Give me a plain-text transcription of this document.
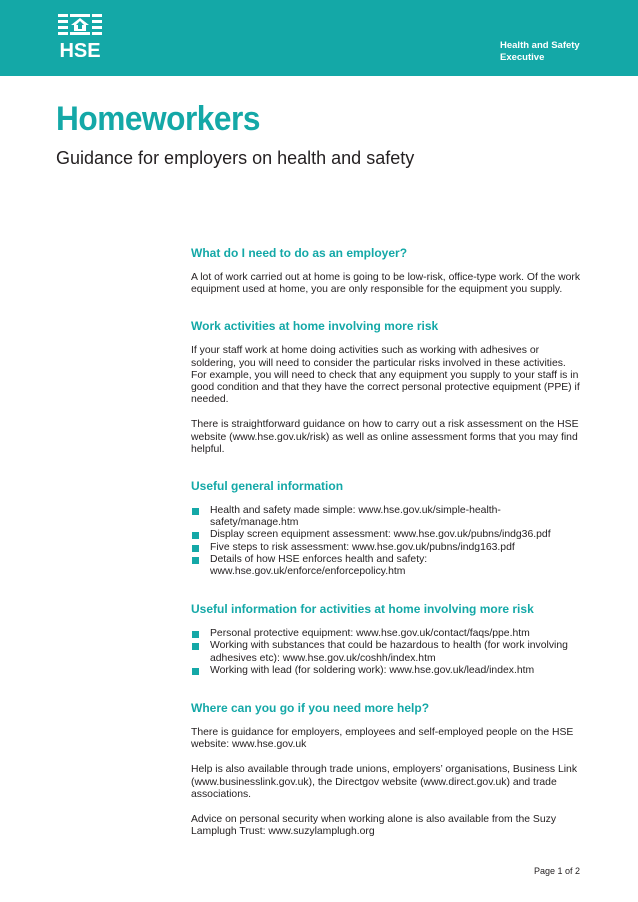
HSE	Health and Safety
Executive
Homeworkers
Guidance for employers on health and safety
What do I need to do as an employer?

A lot of work carried out at home is going to be low-risk, office-type work. Of the work equipment used at home, you are only responsible for the equipment you supply.

Work activities at home involving more risk

If your staff work at home doing activities such as working with adhesives or soldering, you will need to consider the particular risks involved in these activities. For example, you will need to check that any equipment you supply to your staff is in good condition and that they have the correct personal protective equipment (PPE) if needed.

There is straightforward guidance on how to carry out a risk assessment on the HSE website (www.hse.gov.uk/risk) as well as online assessment forms that you may find helpful.

Useful general information
Health and safety made simple: www.hse.gov.uk/simple-health-safety/manage.htm
Display screen equipment assessment: www.hse.gov.uk/pubns/indg36.pdf
Five steps to risk assessment: www.hse.gov.uk/pubns/indg163.pdf
Details of how HSE enforces health and safety: www.hse.gov.uk/enforce/enforcepolicy.htm
Useful information for activities at home involving more risk
Personal protective equipment: www.hse.gov.uk/contact/faqs/ppe.htm
Working with substances that could be hazardous to health (for work involving adhesives etc): www.hse.gov.uk/coshh/index.htm
Working with lead (for soldering work): www.hse.gov.uk/lead/index.htm
Where can you go if you need more help?

There is guidance for employers, employees and self-employed people on the HSE website: www.hse.gov.uk

Help is also available through trade unions, employers’ organisations, Business Link (www.businesslink.gov.uk), the Directgov website (www.direct.gov.uk) and trade associations.

Advice on personal security when working alone is also available from the Suzy Lamplugh Trust: www.suzylamplugh.org

Page 1 of 2
